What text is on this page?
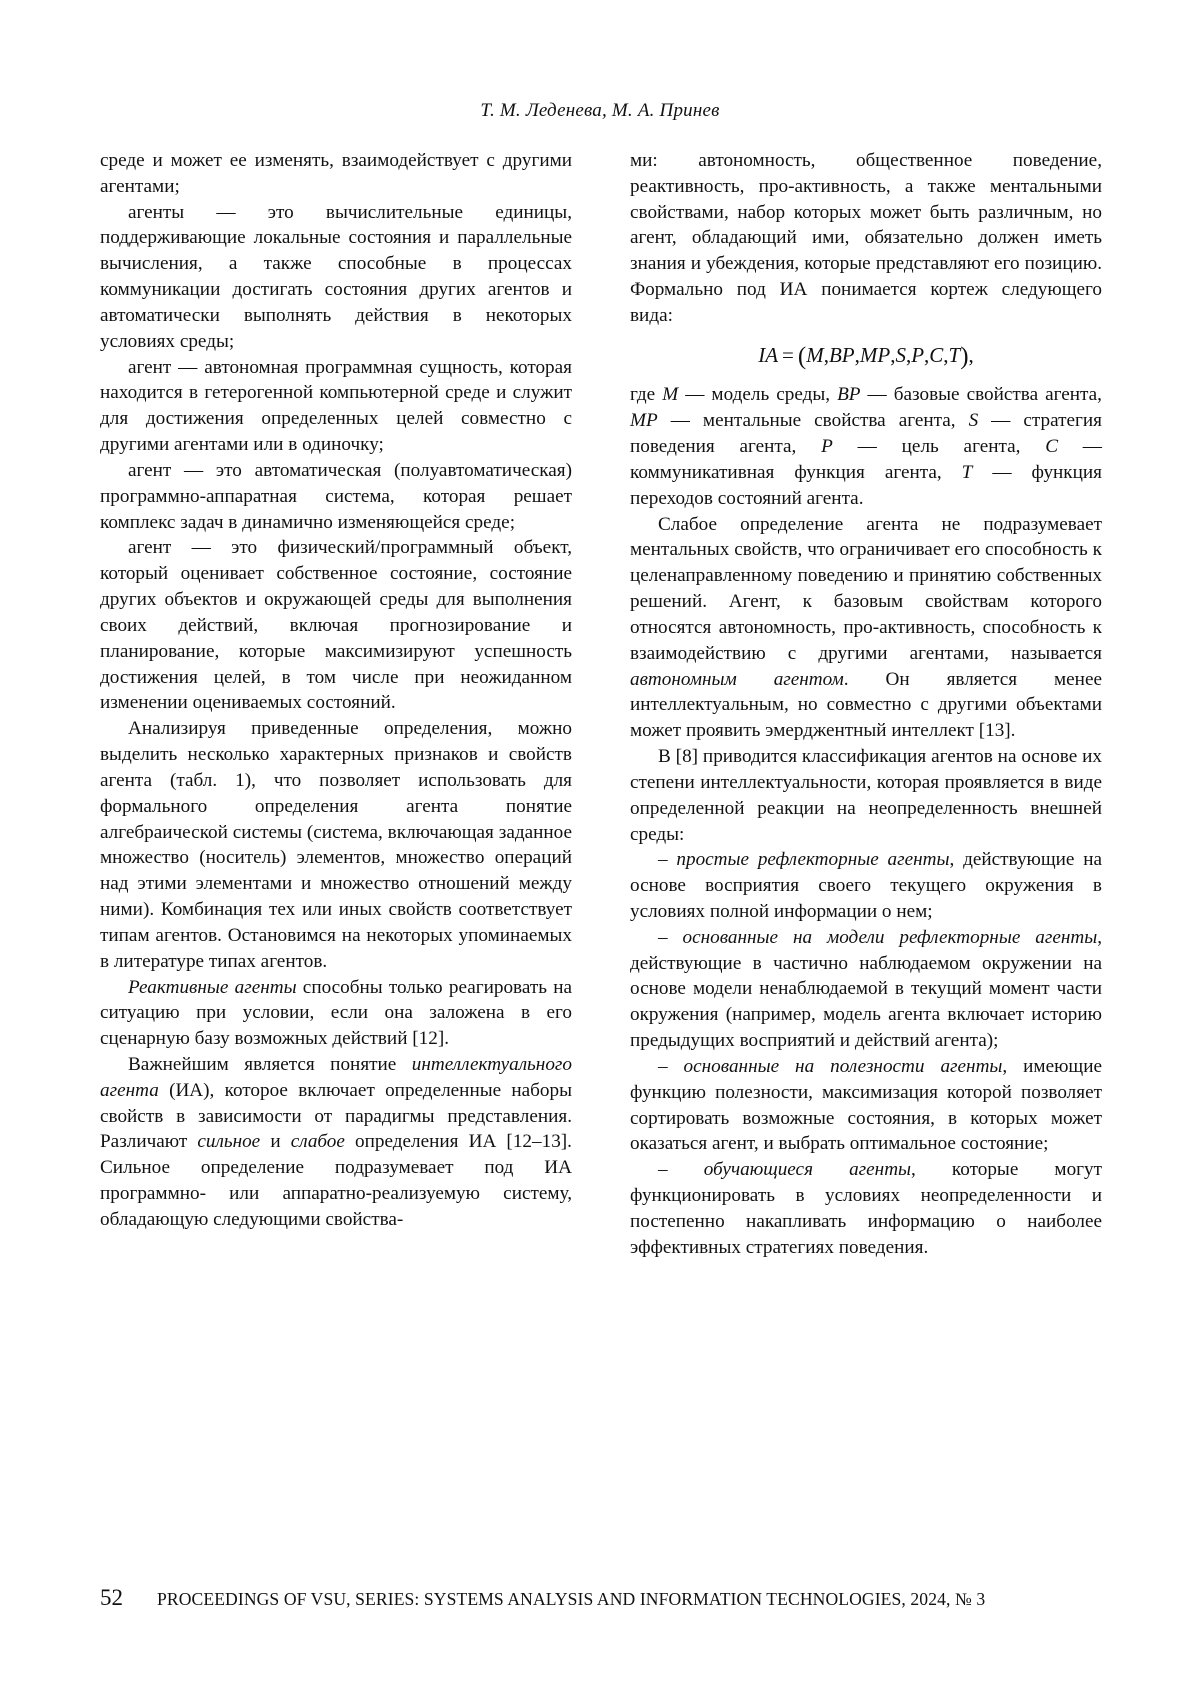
Т. М. Леденева, М. А. Принев

среде и может ее изменять, взаимодействует с другими агентами;

агенты — это вычислительные единицы, поддерживающие локальные состояния и параллельные вычисления, а также способные в процессах коммуникации достигать состояния других агентов и автоматически выполнять действия в некоторых условиях среды;

агент — автономная программная сущность, которая находится в гетерогенной компьютерной среде и служит для достижения определенных целей совместно с другими агентами или в одиночку;

агент — это автоматическая (полуавтоматическая) программно-аппаратная система, которая решает комплекс задач в динамично изменяющейся среде;

агент — это физический/программный объект, который оценивает собственное состояние, состояние других объектов и окружающей среды для выполнения своих действий, включая прогнозирование и планирование, которые максимизируют успешность достижения целей, в том числе при неожиданном изменении оцениваемых состояний.

Анализируя приведенные определения, можно выделить несколько характерных признаков и свойств агента (табл. 1), что позволяет использовать для формального определения агента понятие алгебраической системы (система, включающая заданное множество (носитель) элементов, множество операций над этими элементами и множество отношений между ними). Комбинация тех или иных свойств соответствует типам агентов. Остановимся на некоторых упоминаемых в литературе типах агентов.

Реактивные агенты способны только реагировать на ситуацию при условии, если она заложена в его сценарную базу возможных действий [12].

Важнейшим является понятие интеллектуального агента (ИА), которое включает определенные наборы свойств в зависимости от парадигмы представления. Различают сильное и слабое определения ИА [12–13]. Сильное определение подразумевает под ИА программно- или аппаратно-реализуемую систему, обладающую следующими свойства-

ми: автономность, общественное поведение, реактивность, про-активность, а также ментальными свойствами, набор которых может быть различным, но агент, обладающий ими, обязательно должен иметь знания и убеждения, которые представляют его позицию. Формально под ИА понимается кортеж следующего вида:

IA = (M,BP,MP,S,P,C,T),

где M — модель среды, BP — базовые свойства агента, MP — ментальные свойства агента, S — стратегия поведения агента, P — цель агента, C — коммуникативная функция агента, T — функция переходов состояний агента.

Слабое определение агента не подразумевает ментальных свойств, что ограничивает его способность к целенаправленному поведению и принятию собственных решений. Агент, к базовым свойствам которого относятся автономность, про-активность, способность к взаимодействию с другими агентами, называется автономным агентом. Он является менее интеллектуальным, но совместно с другими объектами может проявить эмерджентный интеллект [13].

В [8] приводится классификация агентов на основе их степени интеллектуальности, которая проявляется в виде определенной реакции на неопределенность внешней среды:

– простые рефлекторные агенты, действующие на основе восприятия своего текущего окружения в условиях полной информации о нем;

– основанные на модели рефлекторные агенты, действующие в частично наблюдаемом окружении на основе модели ненаблюдаемой в текущий момент части окружения (например, модель агента включает историю предыдущих восприятий и действий агента);

– основанные на полезности агенты, имеющие функцию полезности, максимизация которой позволяет сортировать возможные состояния, в которых может оказаться агент, и выбрать оптимальное состояние;

– обучающиеся агенты, которые могут функционировать в условиях неопределенности и постепенно накапливать информацию о наиболее эффективных стратегиях поведения.

52 PROCEEDINGS OF VSU, SERIES: SYSTEMS ANALYSIS AND INFORMATION TECHNOLOGIES, 2024, № 3
